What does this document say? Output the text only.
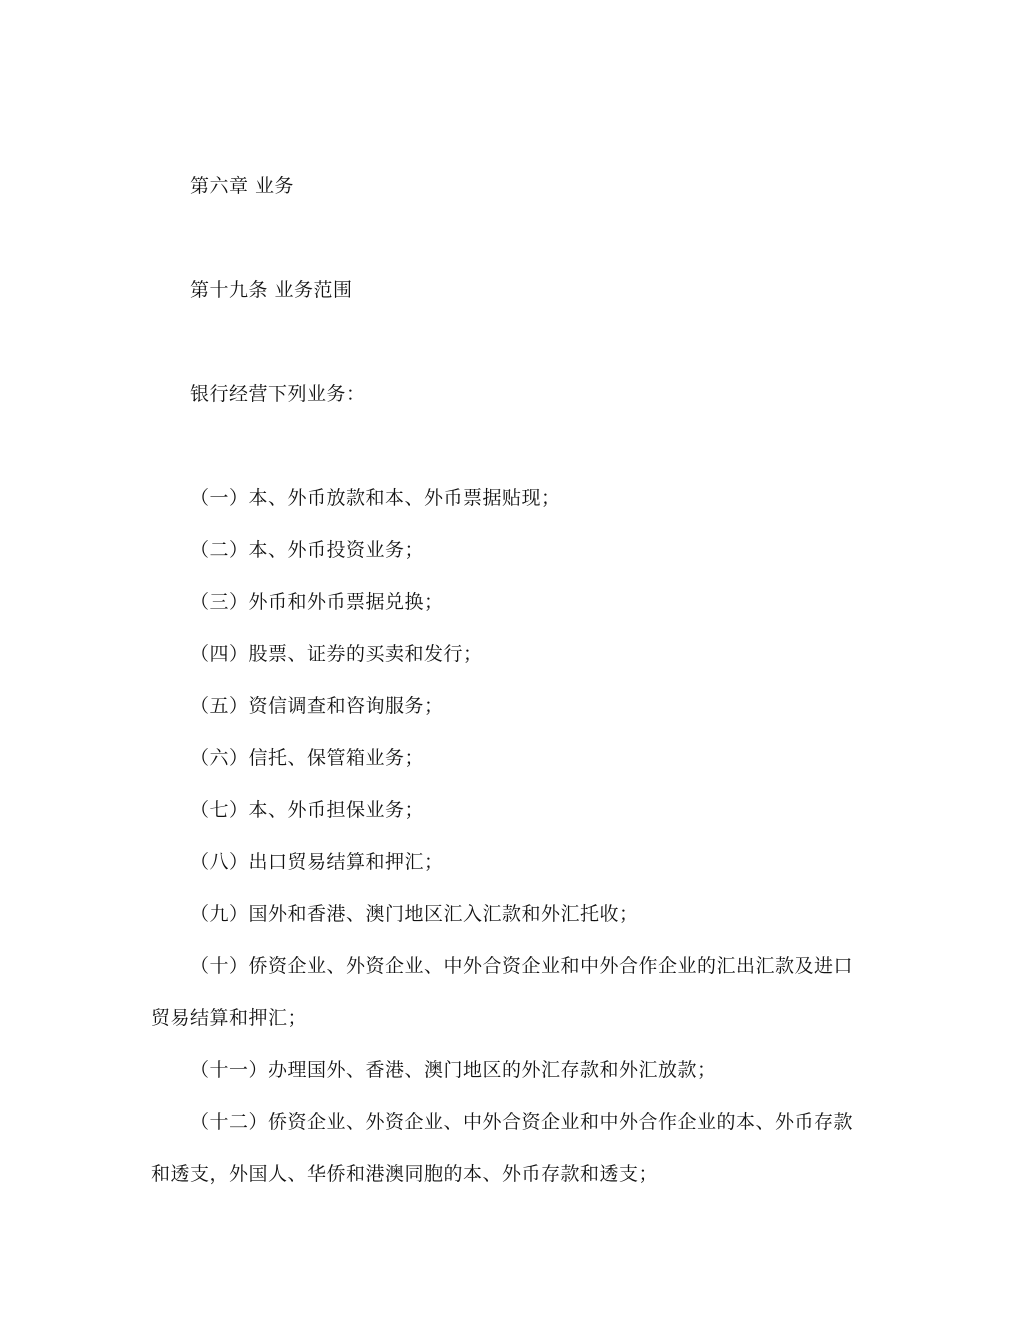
第六章 业务
第十九条 业务范围
银行经营下列业务：
（一）本、外币放款和本、外币票据贴现；
（二）本、外币投资业务；
（三）外币和外币票据兑换；
（四）股票、证券的买卖和发行；
（五）资信调查和咨询服务；
（六）信托、保管箱业务；
（七）本、外币担保业务；
（八）出口贸易结算和押汇；
（九）国外和香港、澳门地区汇入汇款和外汇托收；
（十）侨资企业、外资企业、中外合资企业和中外合作企业的汇出汇款及进口
贸易结算和押汇；
（十一）办理国外、香港、澳门地区的外汇存款和外汇放款；
（十二）侨资企业、外资企业、中外合资企业和中外合作企业的本、外币存款
和透支，外国人、华侨和港澳同胞的本、外币存款和透支；
